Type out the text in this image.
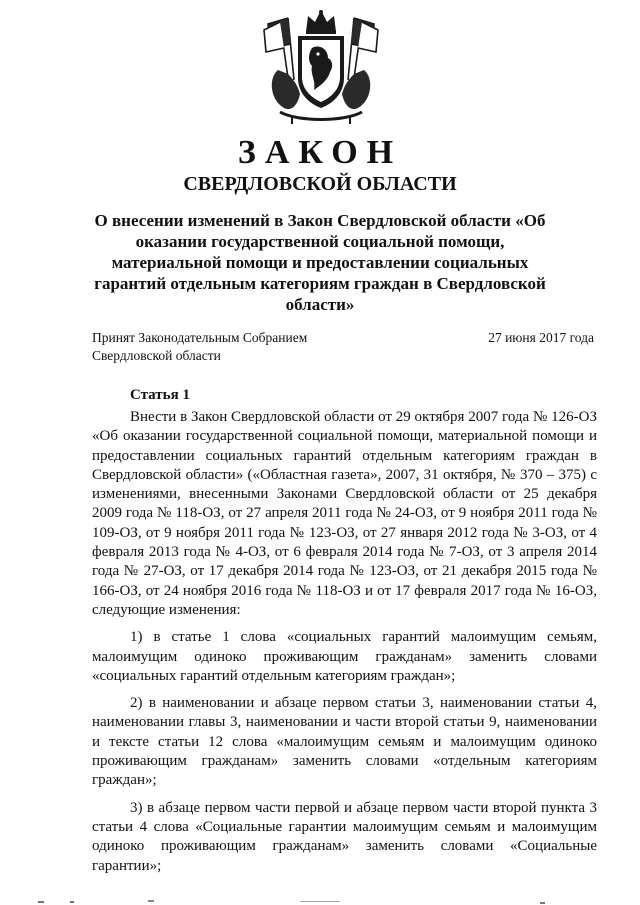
ЗАКОН
СВЕРДЛОВСКОЙ ОБЛАСТИ
О внесении изменений в Закон Свердловской области «Об оказании государственной социальной помощи, материальной помощи и предоставлении социальных гарантий отдельным категориям граждан в Свердловской области»
Принят Законодательным Собранием
Свердловской области
27 июня 2017 года
Статья 1

Внести в Закон Свердловской области от 29 октября 2007 года № 126-ОЗ «Об оказании государственной социальной помощи, материальной помощи и предоставлении социальных гарантий отдельным категориям граждан в Свердловской области» («Областная газета», 2007, 31 октября, № 370 – 375) с изменениями, внесенными Законами Свердловской области от 25 декабря 2009 года № 118-ОЗ, от 27 апреля 2011 года № 24-ОЗ, от 9 ноября 2011 года № 109-ОЗ, от 9 ноября 2011 года № 123-ОЗ, от 27 января 2012 года № 3-ОЗ, от 4 февраля 2013 года № 4-ОЗ, от 6 февраля 2014 года № 7-ОЗ, от 3 апреля 2014 года № 27-ОЗ, от 17 декабря 2014 года № 123-ОЗ, от 21 декабря 2015 года № 166-ОЗ, от 24 ноября 2016 года № 118-ОЗ и от 17 февраля 2017 года № 16-ОЗ, следующие изменения:

1) в статье 1 слова «социальных гарантий малоимущим семьям, малоимущим одиноко проживающим гражданам» заменить словами «социальных гарантий отдельным категориям граждан»;

2) в наименовании и абзаце первом статьи 3, наименовании статьи 4, наименовании главы 3, наименовании и части второй статьи 9, наименовании и тексте статьи 12 слова «малоимущим семьям и малоимущим одиноко проживающим гражданам» заменить словами «отдельным категориям граждан»;

3) в абзаце первом части первой и абзаце первом части второй пункта 3 статьи 4 слова «Социальные гарантии малоимущим семьям и малоимущим одиноко проживающим гражданам» заменить словами «Социальные гарантии»;
